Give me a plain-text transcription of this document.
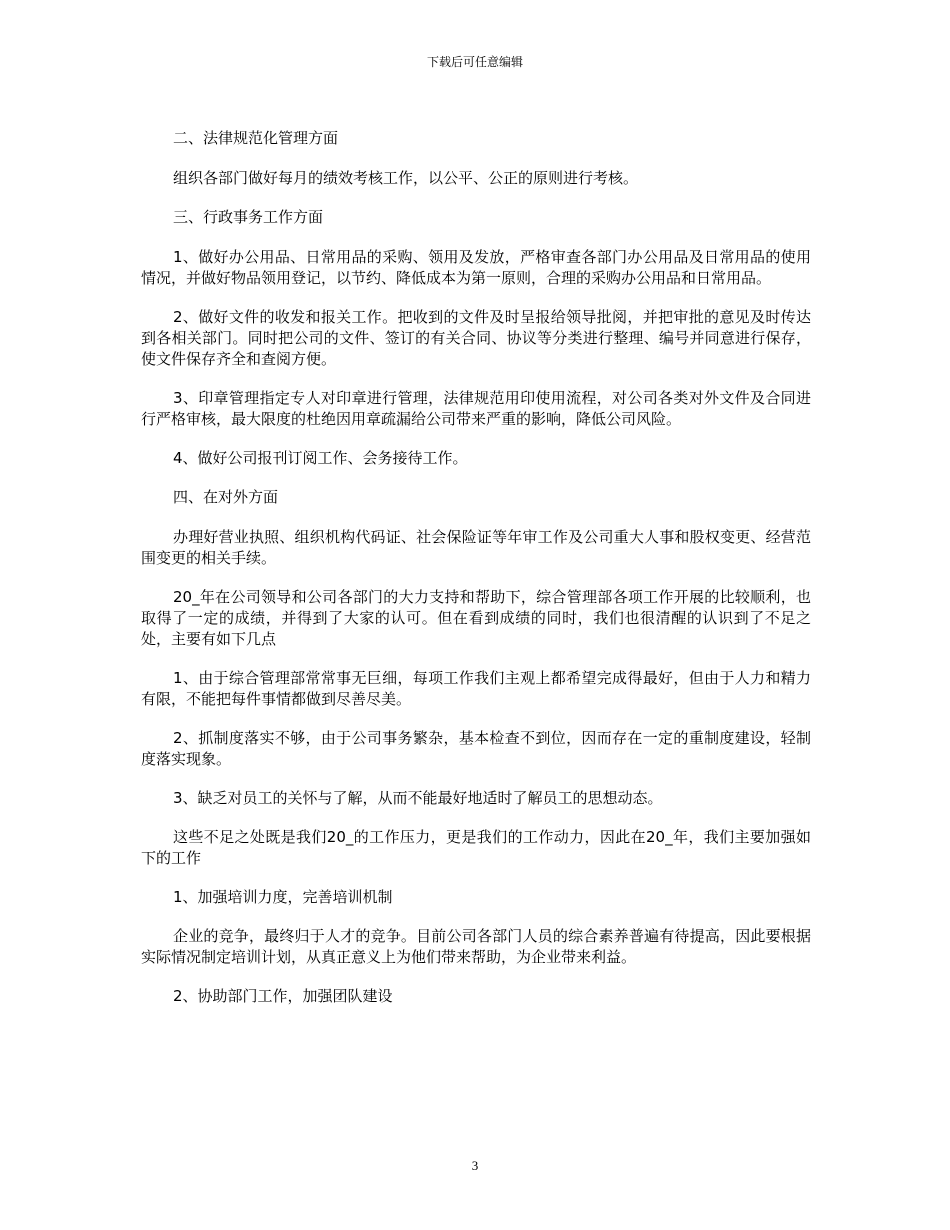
下载后可任意编辑

二、法律规范化管理方面

组织各部门做好每月的绩效考核工作，以公平、公正的原则进行考核。

三、行政事务工作方面

1、做好办公用品、日常用品的采购、领用及发放，严格审查各部门办公用品及日常用品的使用情况，并做好物品领用登记，以节约、降低成本为第一原则，合理的采购办公用品和日常用品。

2、做好文件的收发和报关工作。把收到的文件及时呈报给领导批阅，并把审批的意见及时传达到各相关部门。同时把公司的文件、签订的有关合同、协议等分类进行整理、编号并同意进行保存，使文件保存齐全和查阅方便。

3、印章管理指定专人对印章进行管理，法律规范用印使用流程，对公司各类对外文件及合同进行严格审核，最大限度的杜绝因用章疏漏给公司带来严重的影响，降低公司风险。

4、做好公司报刊订阅工作、会务接待工作。

四、在对外方面

办理好营业执照、组织机构代码证、社会保险证等年审工作及公司重大人事和股权变更、经营范围变更的相关手续。

20_年在公司领导和公司各部门的大力支持和帮助下，综合管理部各项工作开展的比较顺利，也取得了一定的成绩，并得到了大家的认可。但在看到成绩的同时，我们也很清醒的认识到了不足之处，主要有如下几点

1、由于综合管理部常常事无巨细，每项工作我们主观上都希望完成得最好，但由于人力和精力有限，不能把每件事情都做到尽善尽美。

2、抓制度落实不够，由于公司事务繁杂，基本检查不到位，因而存在一定的重制度建设，轻制度落实现象。

3、缺乏对员工的关怀与了解，从而不能最好地适时了解员工的思想动态。

这些不足之处既是我们20_的工作压力，更是我们的工作动力，因此在20_年，我们主要加强如下的工作

1、加强培训力度，完善培训机制

企业的竞争，最终归于人才的竞争。目前公司各部门人员的综合素养普遍有待提高，因此要根据实际情况制定培训计划，从真正意义上为他们带来帮助，为企业带来利益。

2、协助部门工作，加强团队建设

3
